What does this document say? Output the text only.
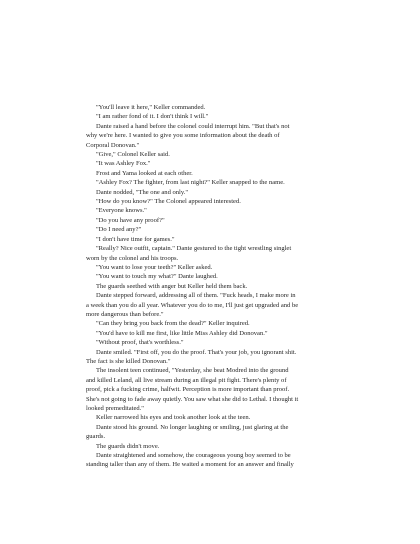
"You'll leave it here," Keller commanded.

"I am rather fond of it. I don't think I will."

Dante raised a hand before the colonel could interrupt him. "But that's not

why we're here. I wanted to give you some information about the death of

Corporal Donovan."

"Give," Colonel Keller said.

"It was Ashley Fox."

Frost and Yama looked at each other.

"Ashley Fox? The fighter, from last night?" Keller snapped to the name.

Dante nodded, "The one and only."

"How do you know?" The Colonel appeared interested.

"Everyone knows."

"Do you have any proof?"

"Do I need any?"

"I don't have time for games."

"Really? Nice outfit, captain." Dante gestured to the tight wrestling singlet

worn by the colonel and his troops.

"You want to lose your teeth?" Keller asked.

"You want to touch my what?" Dante laughed.

The guards seethed with anger but Keller held them back.

Dante stepped forward, addressing all of them. "Fuck heads, I make more in

a week than you do all year. Whatever you do to me, I'll just get upgraded and be

more dangerous than before."

"Can they bring you back from the dead?" Keller inquired.

"You'd have to kill me first, like little Miss Ashley did Donovan."

"Without proof, that's worthless."

Dante smiled. "First off, you do the proof. That's your job, you ignorant shit.

The fact is she killed Donovan."

The insolent teen continued, "Yesterday, she beat Modred into the ground

and killed Leland, all live stream during an illegal pit fight. There's plenty of

proof, pick a fucking crime, halfwit. Perception is more important than proof.

She's not going to fade away quietly. You saw what she did to Lethal. I thought it

looked premeditated."

Keller narrowed his eyes and took another look at the teen.

Dante stood his ground. No longer laughing or smiling, just glaring at the

guards.

The guards didn't move.

Dante straightened and somehow, the courageous young boy seemed to be

standing taller than any of them. He waited a moment for an answer and finally
